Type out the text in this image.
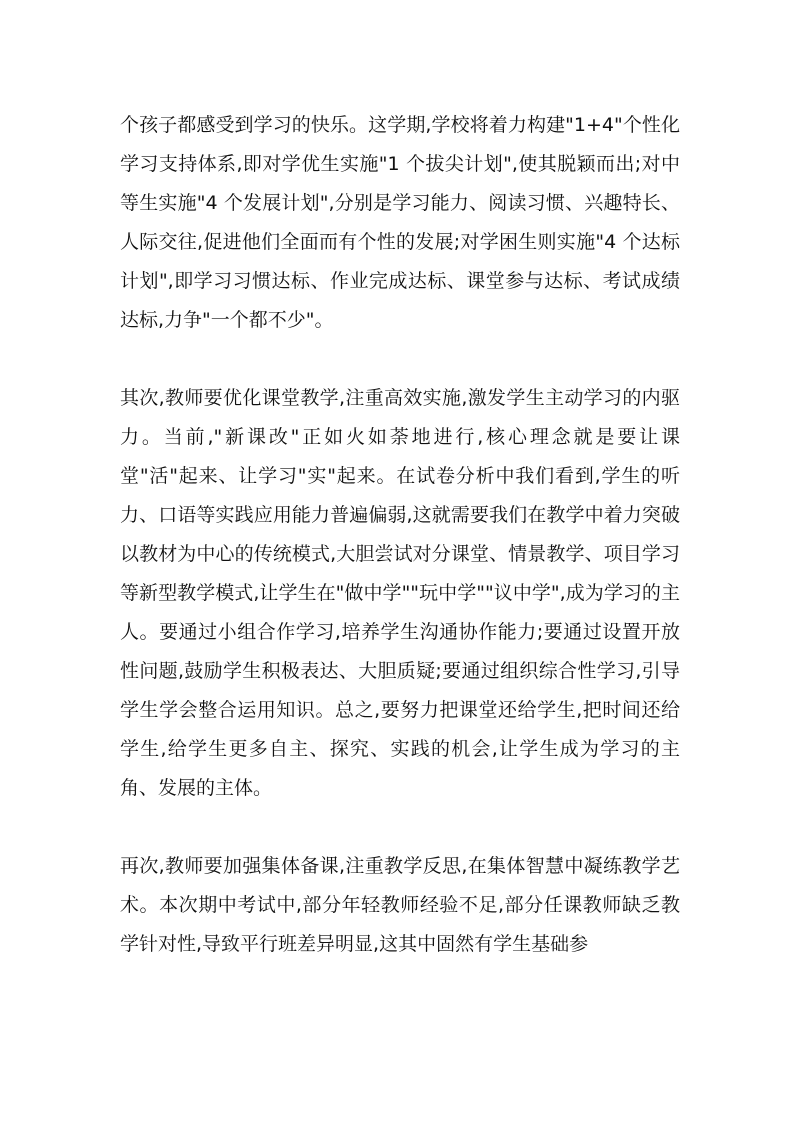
个孩子都感受到学习的快乐。这学期,学校将着力构建"1+4"个性化学习支持体系,即对学优生实施"1 个拔尖计划",使其脱颖而出;对中等生实施"4 个发展计划",分别是学习能力、阅读习惯、兴趣特长、人际交往,促进他们全面而有个性的发展;对学困生则实施"4 个达标计划",即学习习惯达标、作业完成达标、课堂参与达标、考试成绩达标,力争"一个都不少"。

其次,教师要优化课堂教学,注重高效实施,激发学生主动学习的内驱力。当前,"新课改"正如火如荼地进行,核心理念就是要让课堂"活"起来、让学习"实"起来。在试卷分析中我们看到,学生的听力、口语等实践应用能力普遍偏弱,这就需要我们在教学中着力突破以教材为中心的传统模式,大胆尝试对分课堂、情景教学、项目学习等新型教学模式,让学生在"做中学""玩中学""议中学",成为学习的主人。要通过小组合作学习,培养学生沟通协作能力;要通过设置开放性问题,鼓励学生积极表达、大胆质疑;要通过组织综合性学习,引导学生学会整合运用知识。总之,要努力把课堂还给学生,把时间还给学生,给学生更多自主、探究、实践的机会,让学生成为学习的主角、发展的主体。

再次,教师要加强集体备课,注重教学反思,在集体智慧中凝练教学艺术。本次期中考试中,部分年轻教师经验不足,部分任课教师缺乏教学针对性,导致平行班差异明显,这其中固然有学生基础参
